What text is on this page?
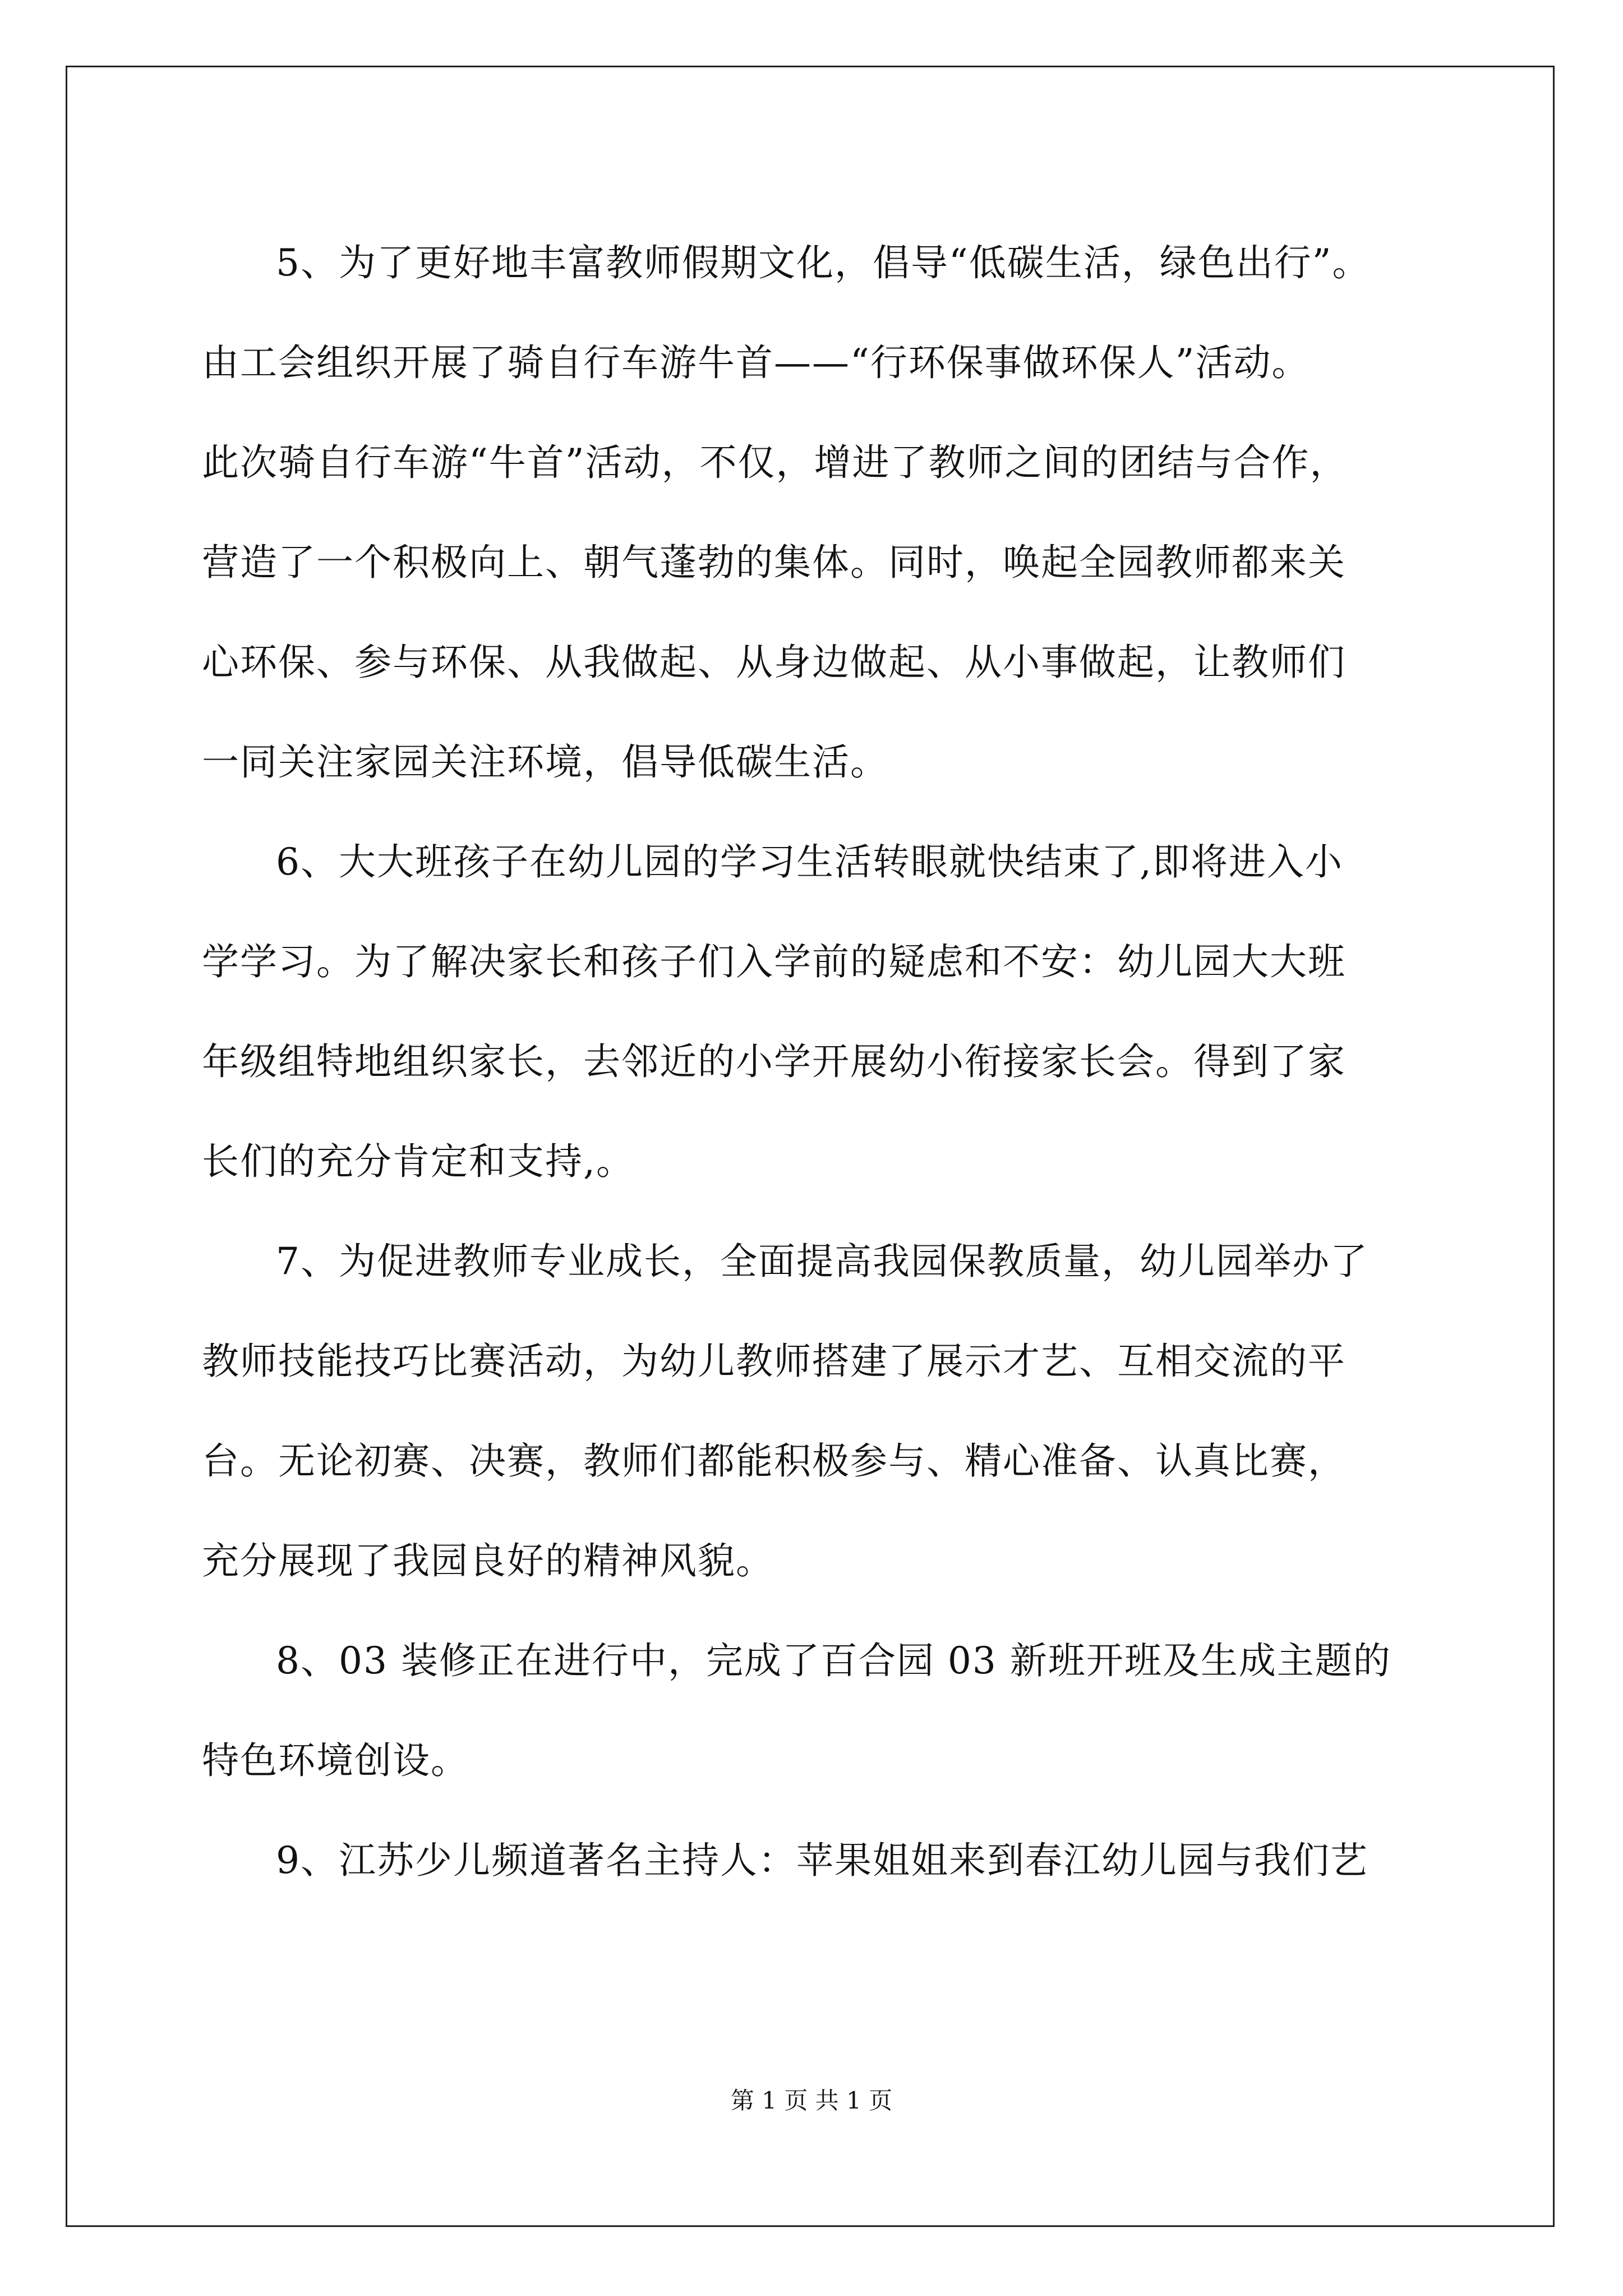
5、为了更好地丰富教师假期文化，倡导“低碳生活，绿色出行”。
由工会组织开展了骑自行车游牛首——“行环保事做环保人”活动。
此次骑自行车游“牛首”活动，不仅，增进了教师之间的团结与合作，
营造了一个积极向上、朝气蓬勃的集体。同时，唤起全园教师都来关
心环保、参与环保、从我做起、从身边做起、从小事做起，让教师们
一同关注家园关注环境，倡导低碳生活。
6、大大班孩子在幼儿园的学习生活转眼就快结束了,即将进入小
学学习。为了解决家长和孩子们入学前的疑虑和不安：幼儿园大大班
年级组特地组织家长，去邻近的小学开展幼小衔接家长会。得到了家
长们的充分肯定和支持,。
7、为促进教师专业成长，全面提高我园保教质量，幼儿园举办了
教师技能技巧比赛活动，为幼儿教师搭建了展示才艺、互相交流的平
台。无论初赛、决赛，教师们都能积极参与、精心准备、认真比赛，
充分展现了我园良好的精神风貌。
8、03 装修正在进行中，完成了百合园 03 新班开班及生成主题的
特色环境创设。
9、江苏少儿频道著名主持人：苹果姐姐来到春江幼儿园与我们艺
第 1 页 共 1 页
